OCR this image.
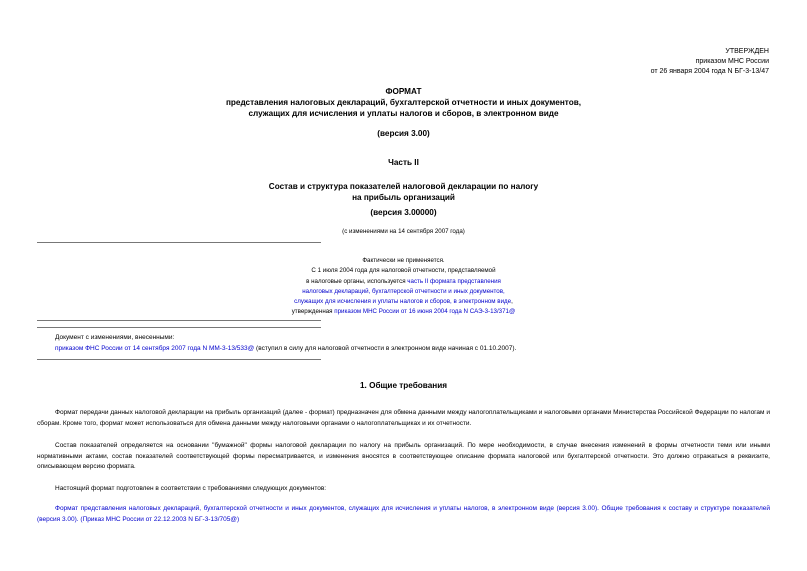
УТВЕРЖДЕН
приказом МНС России
от 26 января 2004 года N БГ-3-13/47
ФОРМАТ
представления налоговых деклараций, бухгалтерской отчетности и иных документов,
служащих для исчисления и уплаты налогов и сборов, в электронном виде
(версия 3.00)
Часть II
Состав и структура показателей налоговой декларации по налогу
на прибыль организаций
(версия 3.00000)
(с изменениями на 14 сентября 2007 года)
Фактически не применяется.
С 1 июля 2004 года для налоговой отчетности, представляемой
в налоговые органы, используется часть II формата представления
налоговых деклараций, бухгалтерской отчетности и иных документов,
служащих для исчисления и уплаты налогов и сборов, в электронном виде,
утвержденная приказом МНС России от 16 июня 2004 года N САЭ-3-13/371@
Документ с изменениями, внесенными:
приказом ФНС России от 14 сентября 2007 года N ММ-3-13/533@ (вступил в силу для налоговой отчетности в электронном виде начиная с 01.10.2007).
1. Общие требования
Формат передачи данных налоговой декларации на прибыль организаций (далее - формат) предназначен для обмена данными между налогоплательщиками и налоговыми органами Министерства Российской Федерации по налогам и сборам. Кроме того, формат может использоваться для обмена данными между налоговыми органами о налогоплательщиках и их отчетности.
Состав показателей определяется на основании "бумажной" формы налоговой декларации по налогу на прибыль организаций. По мере необходимости, в случае внесения изменений в формы отчетности теми или иными нормативными актами, состав показателей соответствующей формы пересматривается, и изменения вносятся в соответствующее описание формата налоговой или бухгалтерской отчетности. Это должно отражаться в реквизите, описывающем версию формата.
Настоящий формат подготовлен в соответствии с требованиями следующих документов:
Формат представления налоговых деклараций, бухгалтерской отчетности и иных документов, служащих для исчисления и уплаты налогов, в электронном виде (версия 3.00). Общие требования к составу и структуре показателей (версия 3.00). (Приказ МНС России от 22.12.2003 N БГ-3-13/705@)
